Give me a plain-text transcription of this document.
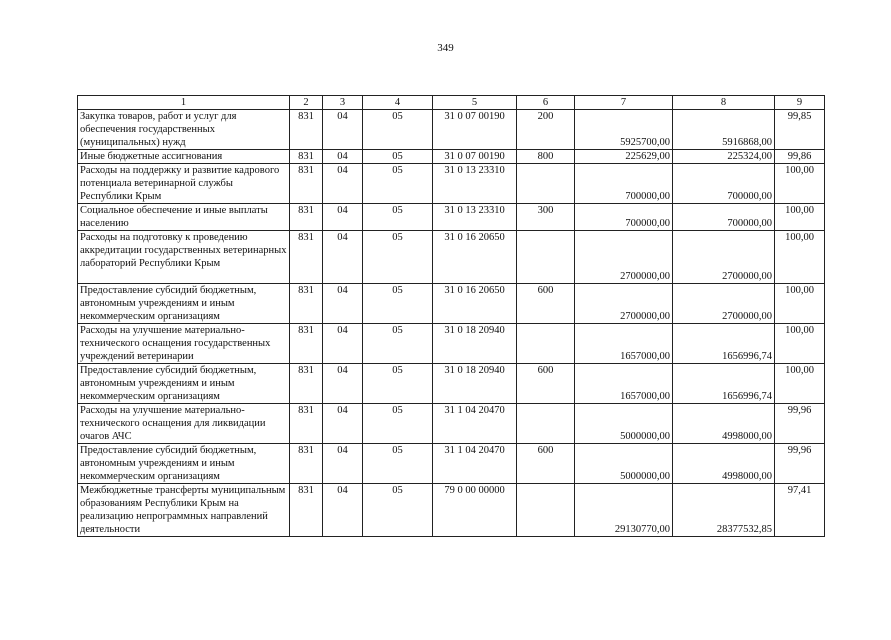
349
1	2	3	4	5	6	7	8	9
Закупка товаров, работ и услуг для обеспечения государственных (муниципальных) нужд	831	04	05	31 0 07 00190	200	5925700,00	5916868,00	99,85
Иные бюджетные ассигнования	831	04	05	31 0 07 00190	800	225629,00	225324,00	99,86
Расходы на поддержку и развитие кадрового потенциала ветеринарной службы Республики Крым	831	04	05	31 0 13 23310		700000,00	700000,00	100,00
Социальное обеспечение и иные выплаты населению	831	04	05	31 0 13 23310	300	700000,00	700000,00	100,00
Расходы на подготовку к проведению аккредитации государственных ветеринарных лабораторий Республики Крым	831	04	05	31 0 16 20650		2700000,00	2700000,00	100,00
Предоставление субсидий бюджетным, автономным учреждениям и иным некоммерческим организациям	831	04	05	31 0 16 20650	600	2700000,00	2700000,00	100,00
Расходы на улучшение материально-технического оснащения государственных учреждений ветеринарии	831	04	05	31 0 18 20940		1657000,00	1656996,74	100,00
Предоставление субсидий бюджетным, автономным учреждениям и иным некоммерческим организациям	831	04	05	31 0 18 20940	600	1657000,00	1656996,74	100,00
Расходы на улучшение материально-технического оснащения для ликвидации очагов АЧС	831	04	05	31 1 04 20470		5000000,00	4998000,00	99,96
Предоставление субсидий бюджетным, автономным учреждениям и иным некоммерческим организациям	831	04	05	31 1 04 20470	600	5000000,00	4998000,00	99,96
Межбюджетные трансферты муниципальным образованиям Республики Крым на реализацию непрограммных направлений деятельности	831	04	05	79 0 00 00000		29130770,00	28377532,85	97,41
